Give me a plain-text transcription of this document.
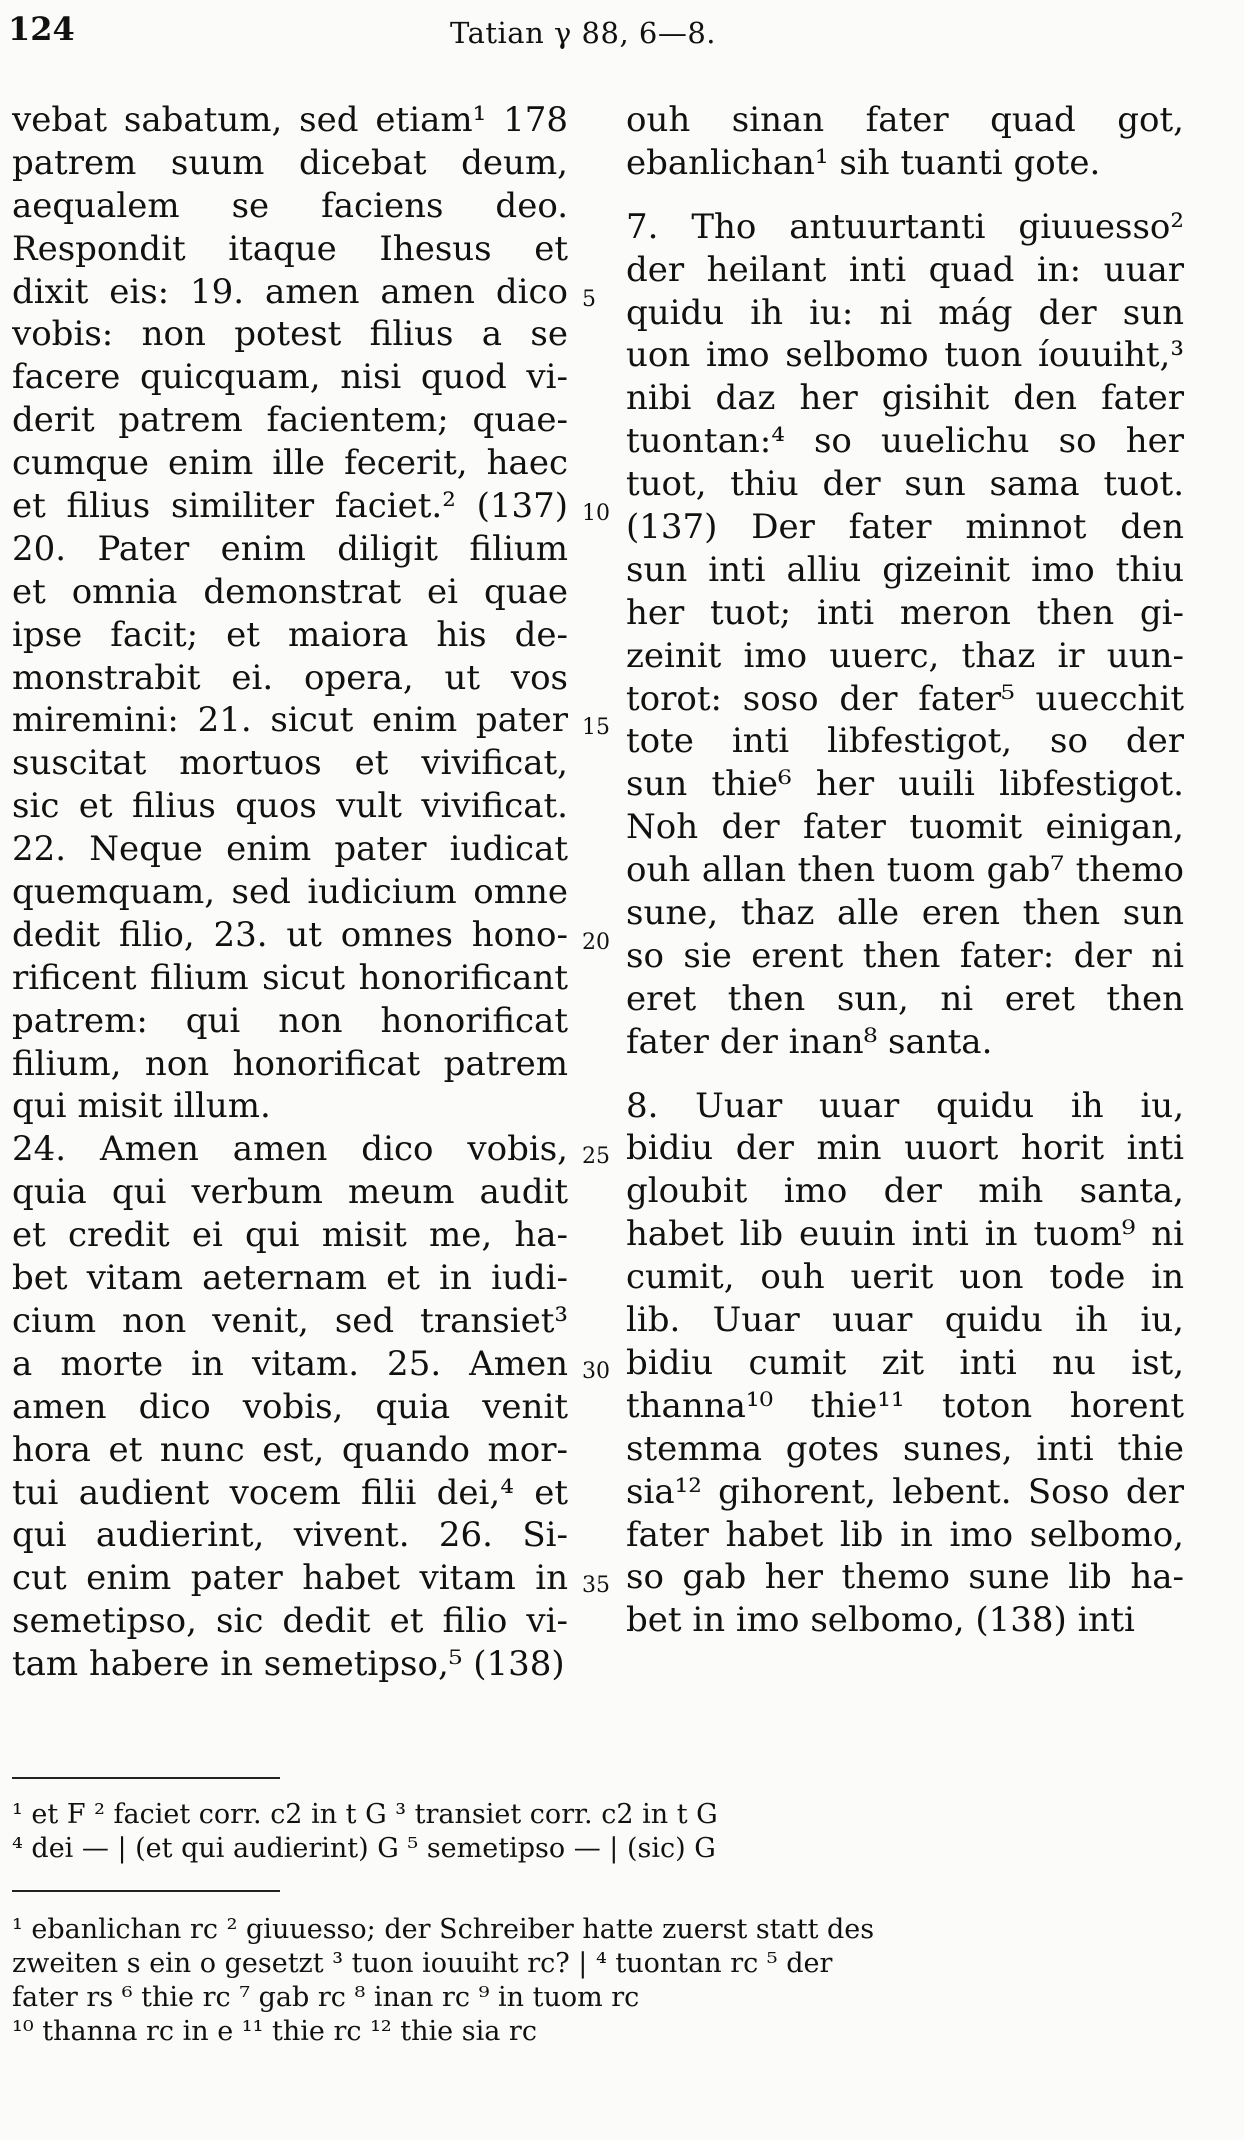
124	Tatian γ 88, 6—8.
vebat sabatum, sed etiam¹ 178
patrem suum dicebat deum,
aequalem se faciens deo.
Respondit itaque Ihesus et
dixit eis: 19. amen amen dico
vobis: non potest filius a se
facere quicquam, nisi quod vi-
derit patrem facientem; quae-
cumque enim ille fecerit, haec
et filius similiter faciet.² (137)
20. Pater enim diligit filium
et omnia demonstrat ei quae
ipse facit; et maiora his de-
monstrabit ei. opera, ut vos
miremini: 21. sicut enim pater
suscitat mortuos et vivificat,
sic et filius quos vult vivificat.
22. Neque enim pater iudicat
quemquam, sed iudicium omne
dedit filio, 23. ut omnes hono-
rificent filium sicut honorificant
patrem: qui non honorificat
filium, non honorificat patrem
qui misit illum.
24. Amen amen dico vobis,
quia qui verbum meum audit
et credit ei qui misit me, ha-
bet vitam aeternam et in iudi-
cium non venit, sed transiet³
a morte in vitam. 25. Amen
amen dico vobis, quia venit
hora et nunc est, quando mor-
tui audient vocem filii dei,⁴ et
qui audierint, vivent. 26. Si-
cut enim pater habet vitam in
semetipso, sic dedit et filio vi-
tam habere in semetipso,⁵ (138)
5
10
15
20
25
30
35
ouh sinan fater quad got,
ebanlichan¹ sih tuanti gote.
7. Tho antuurtanti giuuesso²
der heilant inti quad in: uuar
quidu ih iu: ni mág der sun
uon imo selbomo tuon íouuiht,³
nibi daz her gisihit den fater
tuontan:⁴ so uuelichu so her
tuot, thiu der sun sama tuot.
(137) Der fater minnot den
sun inti alliu gizeinit imo thiu
her tuot; inti meron then gi-
zeinit imo uuerc, thaz ir uun-
torot: soso der fater⁵ uuecchit
tote inti libfestigot, so der
sun thie⁶ her uuili libfestigot.
Noh der fater tuomit einigan,
ouh allan then tuom gab⁷ themo
sune, thaz alle eren then sun
so sie erent then fater: der ni
eret then sun, ni eret then
fater der inan⁸ santa.
8. Uuar uuar quidu ih iu,
bidiu der min uuort horit inti
gloubit imo der mih santa,
habet lib euuin inti in tuom⁹ ni
cumit, ouh uerit uon tode in
lib. Uuar uuar quidu ih iu,
bidiu cumit zit inti nu ist,
thanna¹⁰ thie¹¹ toton horent
stemma gotes sunes, inti thie
sia¹² gihorent, lebent. Soso der
fater habet lib in imo selbomo,
so gab her themo sune lib ha-
bet in imo selbomo, (138) inti
¹ et F ² faciet corr. c2 in t G ³ transiet corr. c2 in t G
⁴ dei — | (et qui audierint) G ⁵ semetipso — | (sic) G
¹ ebanlichan rc ² giuuesso; der Schreiber hatte zuerst statt des
zweiten s ein o gesetzt ³ tuon iouuiht rc? | ⁴ tuontan rc ⁵ der
fater rs ⁶ thie rc ⁷ gab rc ⁸ inan rc ⁹ in tuom rc
¹⁰ thanna rc in e ¹¹ thie rc ¹² thie sia rc
